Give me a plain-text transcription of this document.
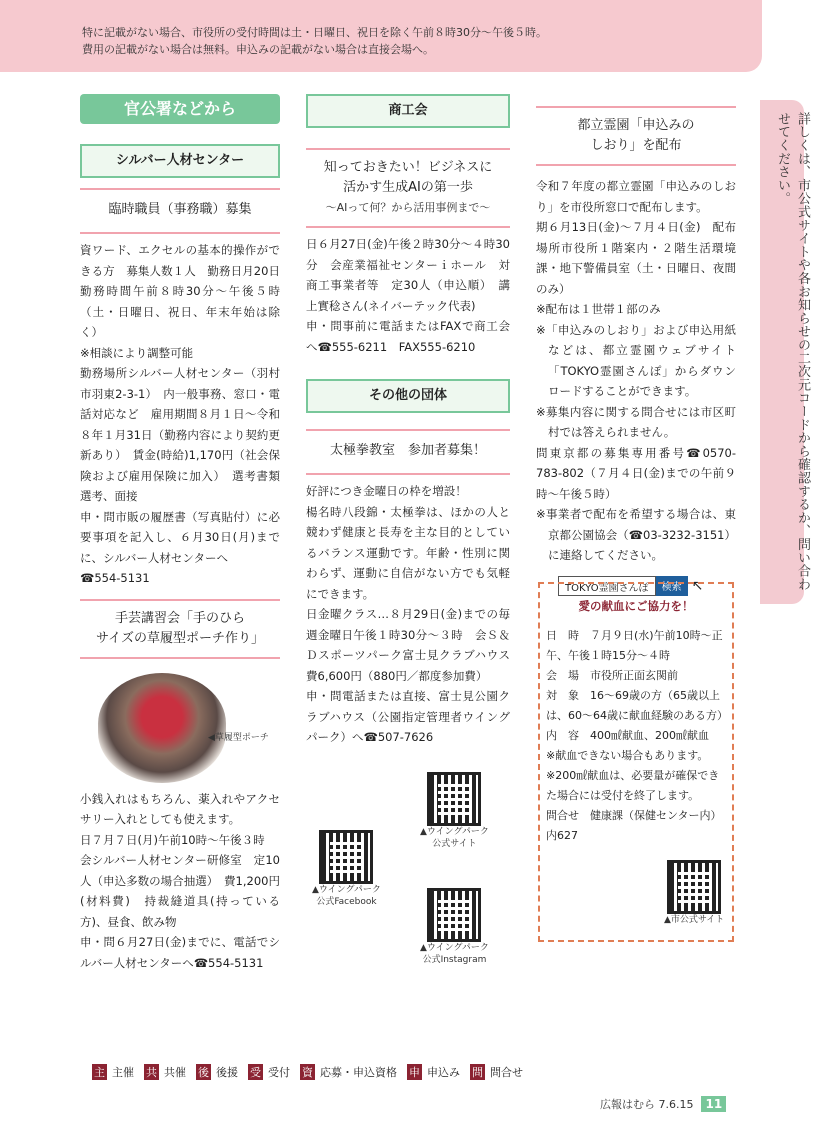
特に記載がない場合、市役所の受付時間は土・日曜日、祝日を除く午前８時30分～午後５時。
費用の記載がない場合は無料。申込みの記載がない場合は直接会場へ。
詳しくは、市公式サイトや各お知らせの二次元コードから確認するか、問い合わせてください。
官公署などから
シルバー人材センター
臨時職員（事務職）募集
資ワード、エクセルの基本的操作ができる方　募集人数１人　勤務日月20日　勤務時間午前８時30分～午後５時（土・日曜日、祝日、年末年始は除く）
※相談により調整可能
勤務場所シルバー人材センター（羽村市羽東2-3-1）　内一般事務、窓口・電話対応など　雇用期間８月１日～令和８年１月31日（勤務内容により契約更新あり）　賃金(時給)1,170円（社会保険および雇用保険に加入）　選考書類選考、面接
申・問市販の履歴書（写真貼付）に必要事項を記入し、６月30日(月)までに、シルバー人材センターへ
☎554-5131
手芸講習会「手のひら
サイズの草履型ポーチ作り」
小銭入れはもちろん、薬入れやアクセサリー入れとしても使えます。
日７月７日(月)午前10時～午後３時
会シルバー人材センター研修室　定10人（申込多数の場合抽選）　費1,200円(材料費)　持裁縫道具(持っている方)、昼食、飲み物
申・問６月27日(金)までに、電話でシルバー人材センターへ☎554-5131
◀草履型ポーチ
商工会
知っておきたい！ビジネスに
活かす生成AIの第一歩
～AIって何？から活用事例まで～
日６月27日(金)午後２時30分～４時30分　会産業福祉センターｉホール　対商工事業者等　定30人（申込順）　講上實稔さん(ネイバーテック代表)
申・問事前に電話またはFAXで商工会へ☎555-6211　FAX555-6210
その他の団体
太極拳教室　参加者募集！
好評につき金曜日の枠を増設！
楊名時八段錦・太極拳は、ほかの人と競わず健康と長寿を主な目的としているバランス運動です。年齢・性別に関わらず、運動に自信がない方でも気軽にできます。
日金曜クラス…８月29日(金)までの毎週金曜日午後１時30分～３時　会Ｓ＆Ｄスポーツパーク富士見クラブハウス　費6,600円（880円／都度参加費）
申・問電話または直接、富士見公園クラブハウス（公園指定管理者ウイングパーク）へ☎507-7626
▲ウイングパーク
公式サイト
▲ウイングパーク
公式Facebook
▲ウイングパーク
公式Instagram
都立霊園「申込みの
しおり」を配布
令和７年度の都立霊園「申込みのしおり」を市役所窓口で配布します。
期６月13日(金)～７月４日(金)　配布場所市役所１階案内・２階生活環境課・地下警備員室（土・日曜日、夜間のみ）
※配布は１世帯１部のみ
※「申込みのしおり」および申込用紙などは、都立霊園ウェブサイト「TOKYO霊園さんぽ」からダウンロードすることができます。
※募集内容に関する問合せには市区町村では答えられません。
問東京都の募集専用番号☎0570-783-802（７月４日(金)までの午前９時～午後５時）
※事業者で配布を希望する場合は、東京都公園協会（☎03-3232-3151）に連絡してください。
TOKYO霊園さんぽ	検索 ↖
愛の献血にご協力を！
日　時　７月９日(水)午前10時～正午、午後１時15分～４時
会　場　市役所正面玄関前
対　象　16～69歳の方（65歳以上は、60～64歳に献血経験のある方）
内　容　400㎖献血、200㎖献血
※献血できない場合もあります。
※200㎖献血は、必要量が確保できた場合には受付を終了します。
問合せ　健康課（保健センター内）内627
▲市公式サイト
主 主催 共 共催 後 後援 受 受付 資 応募・申込資格 申 申込み 問 問合せ
広報はむら 7.6.15	11
